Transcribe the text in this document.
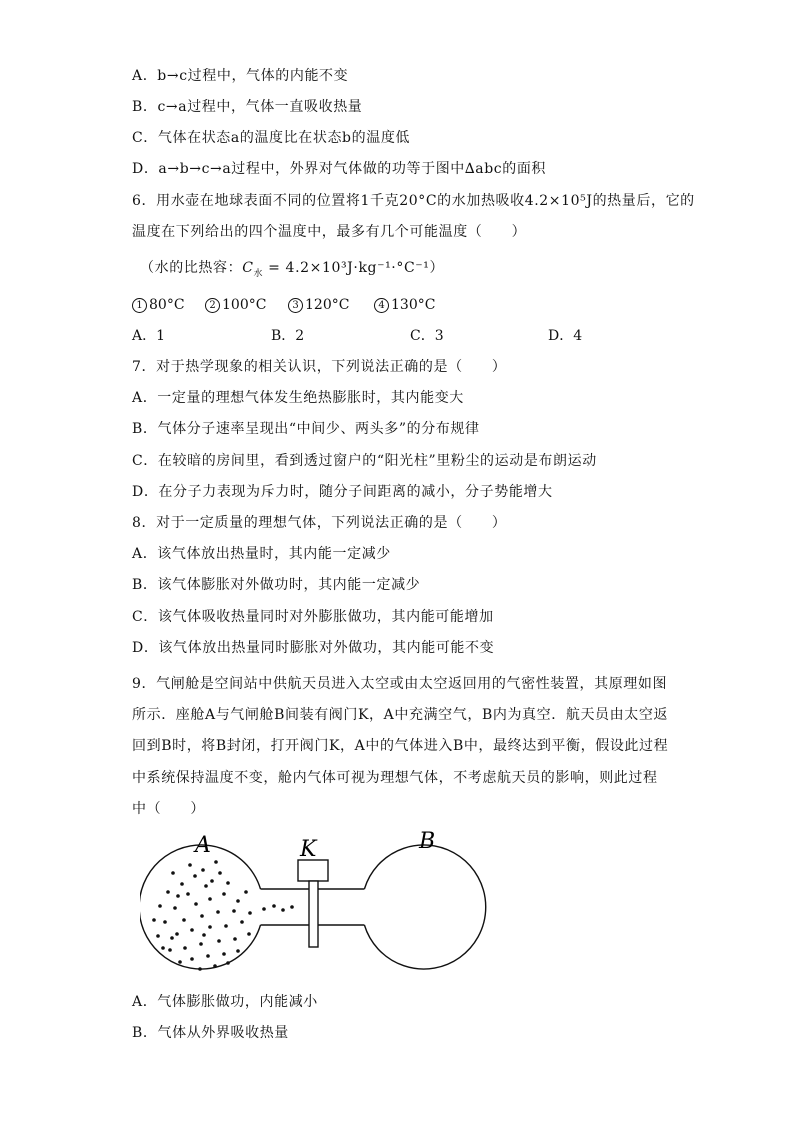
A．b→c过程中，气体的内能不变
B．c→a过程中，气体一直吸收热量
C．气体在状态a的温度比在状态b的温度低
D．a→b→c→a过程中，外界对气体做的功等于图中∆abc的面积
6．用水壶在地球表面不同的位置将1千克20°C的水加热吸收4.2×10⁵J的热量后，它的
温度在下列给出的四个温度中，最多有几个可能温度（　　）
（水的比热容：$C_水 = 4.2\times 10^3J\cdot kg^{-1}\cdot^\circ C^{-1}$）
1 80°C	2 100°C	3 120°C	4 130°C
A．1	B．2	C．3	D．4
7．对于热学现象的相关认识，下列说法正确的是（　　）
A．一定量的理想气体发生绝热膨胀时，其内能变大
B．气体分子速率呈现出“中间少、两头多”的分布规律
C．在较暗的房间里，看到透过窗户的“阳光柱”里粉尘的运动是布朗运动
D．在分子力表现为斥力时，随分子间距离的减小，分子势能增大
8．对于一定质量的理想气体，下列说法正确的是（　　）
A．该气体放出热量时，其内能一定减少
B．该气体膨胀对外做功时，其内能一定减少
C．该气体吸收热量同时对外膨胀做功，其内能可能增加
D．该气体放出热量同时膨胀对外做功，其内能可能不变
9．气闸舱是空间站中供航天员进入太空或由太空返回用的气密性装置，其原理如图所示．座舱A与气闸舱B间装有阀门K，A中充满空气，B内为真空．航天员由太空返回到B时，将B封闭，打开阀门K，A中的气体进入B中，最终达到平衡，假设此过程中系统保持温度不变，舱内气体可视为理想气体，不考虑航天员的影响，则此过程中（　　）
A	K	B
A．气体膨胀做功，内能减小
B．气体从外界吸收热量
